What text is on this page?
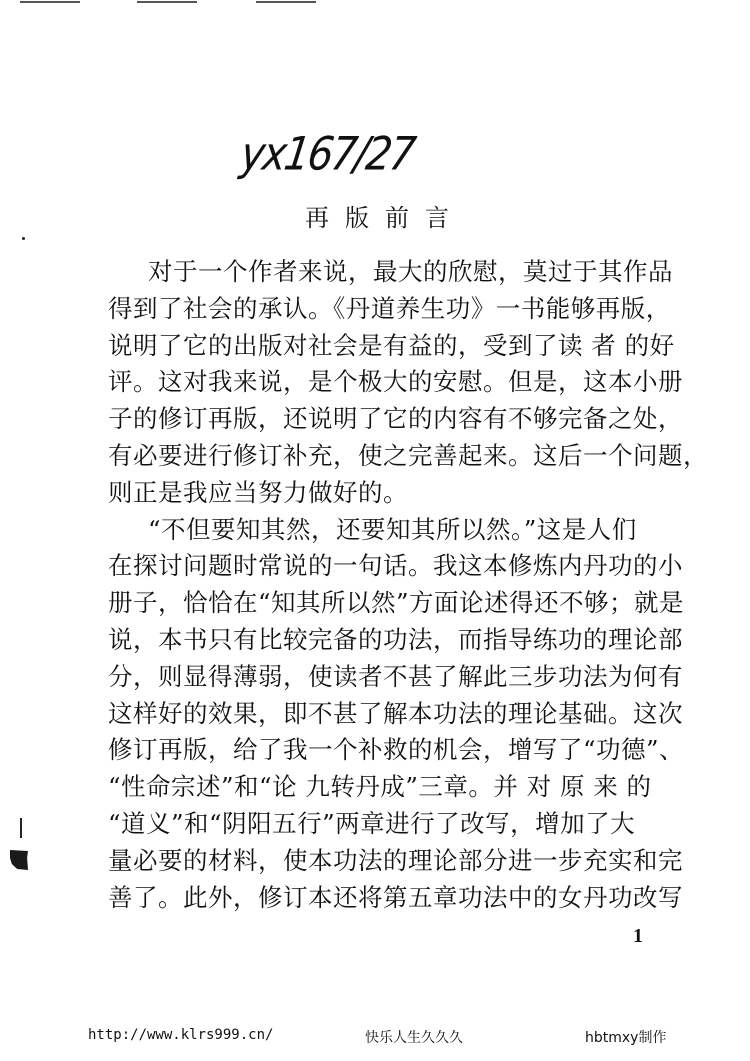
yx167/27
再版前言
对于一个作者来说，最大的欣慰，莫过于其作品
得到了社会的承认。《丹道养生功》一书能够再版，
说明了它的出版对社会是有益的，受到了读 者 的好
评。这对我来说，是个极大的安慰。但是，这本小册
子的修订再版，还说明了它的内容有不够完备之处，
有必要进行修订补充，使之完善起来。这后一个问题，
则正是我应当努力做好的。
“不但要知其然，还要知其所以然。”这是人们
在探讨问题时常说的一句话。我这本修炼内丹功的小
册子，恰恰在“知其所以然”方面论述得还不够；就是
说，本书只有比较完备的功法，而指导练功的理论部
分，则显得薄弱，使读者不甚了解此三步功法为何有
这样好的效果，即不甚了解本功法的理论基础。这次
修订再版，给了我一个补救的机会，增写了“功德”、
“性命宗述”和“论 九转丹成”三章。并 对 原 来 的
“道义”和“阴阳五行”两章进行了改写，增加了大
量必要的材料，使本功法的理论部分进一步充实和完
善了。此外，修订本还将第五章功法中的女丹功改写
1
http://www.klrs999.cn/	快乐人生久久久	hbtmxy制作
